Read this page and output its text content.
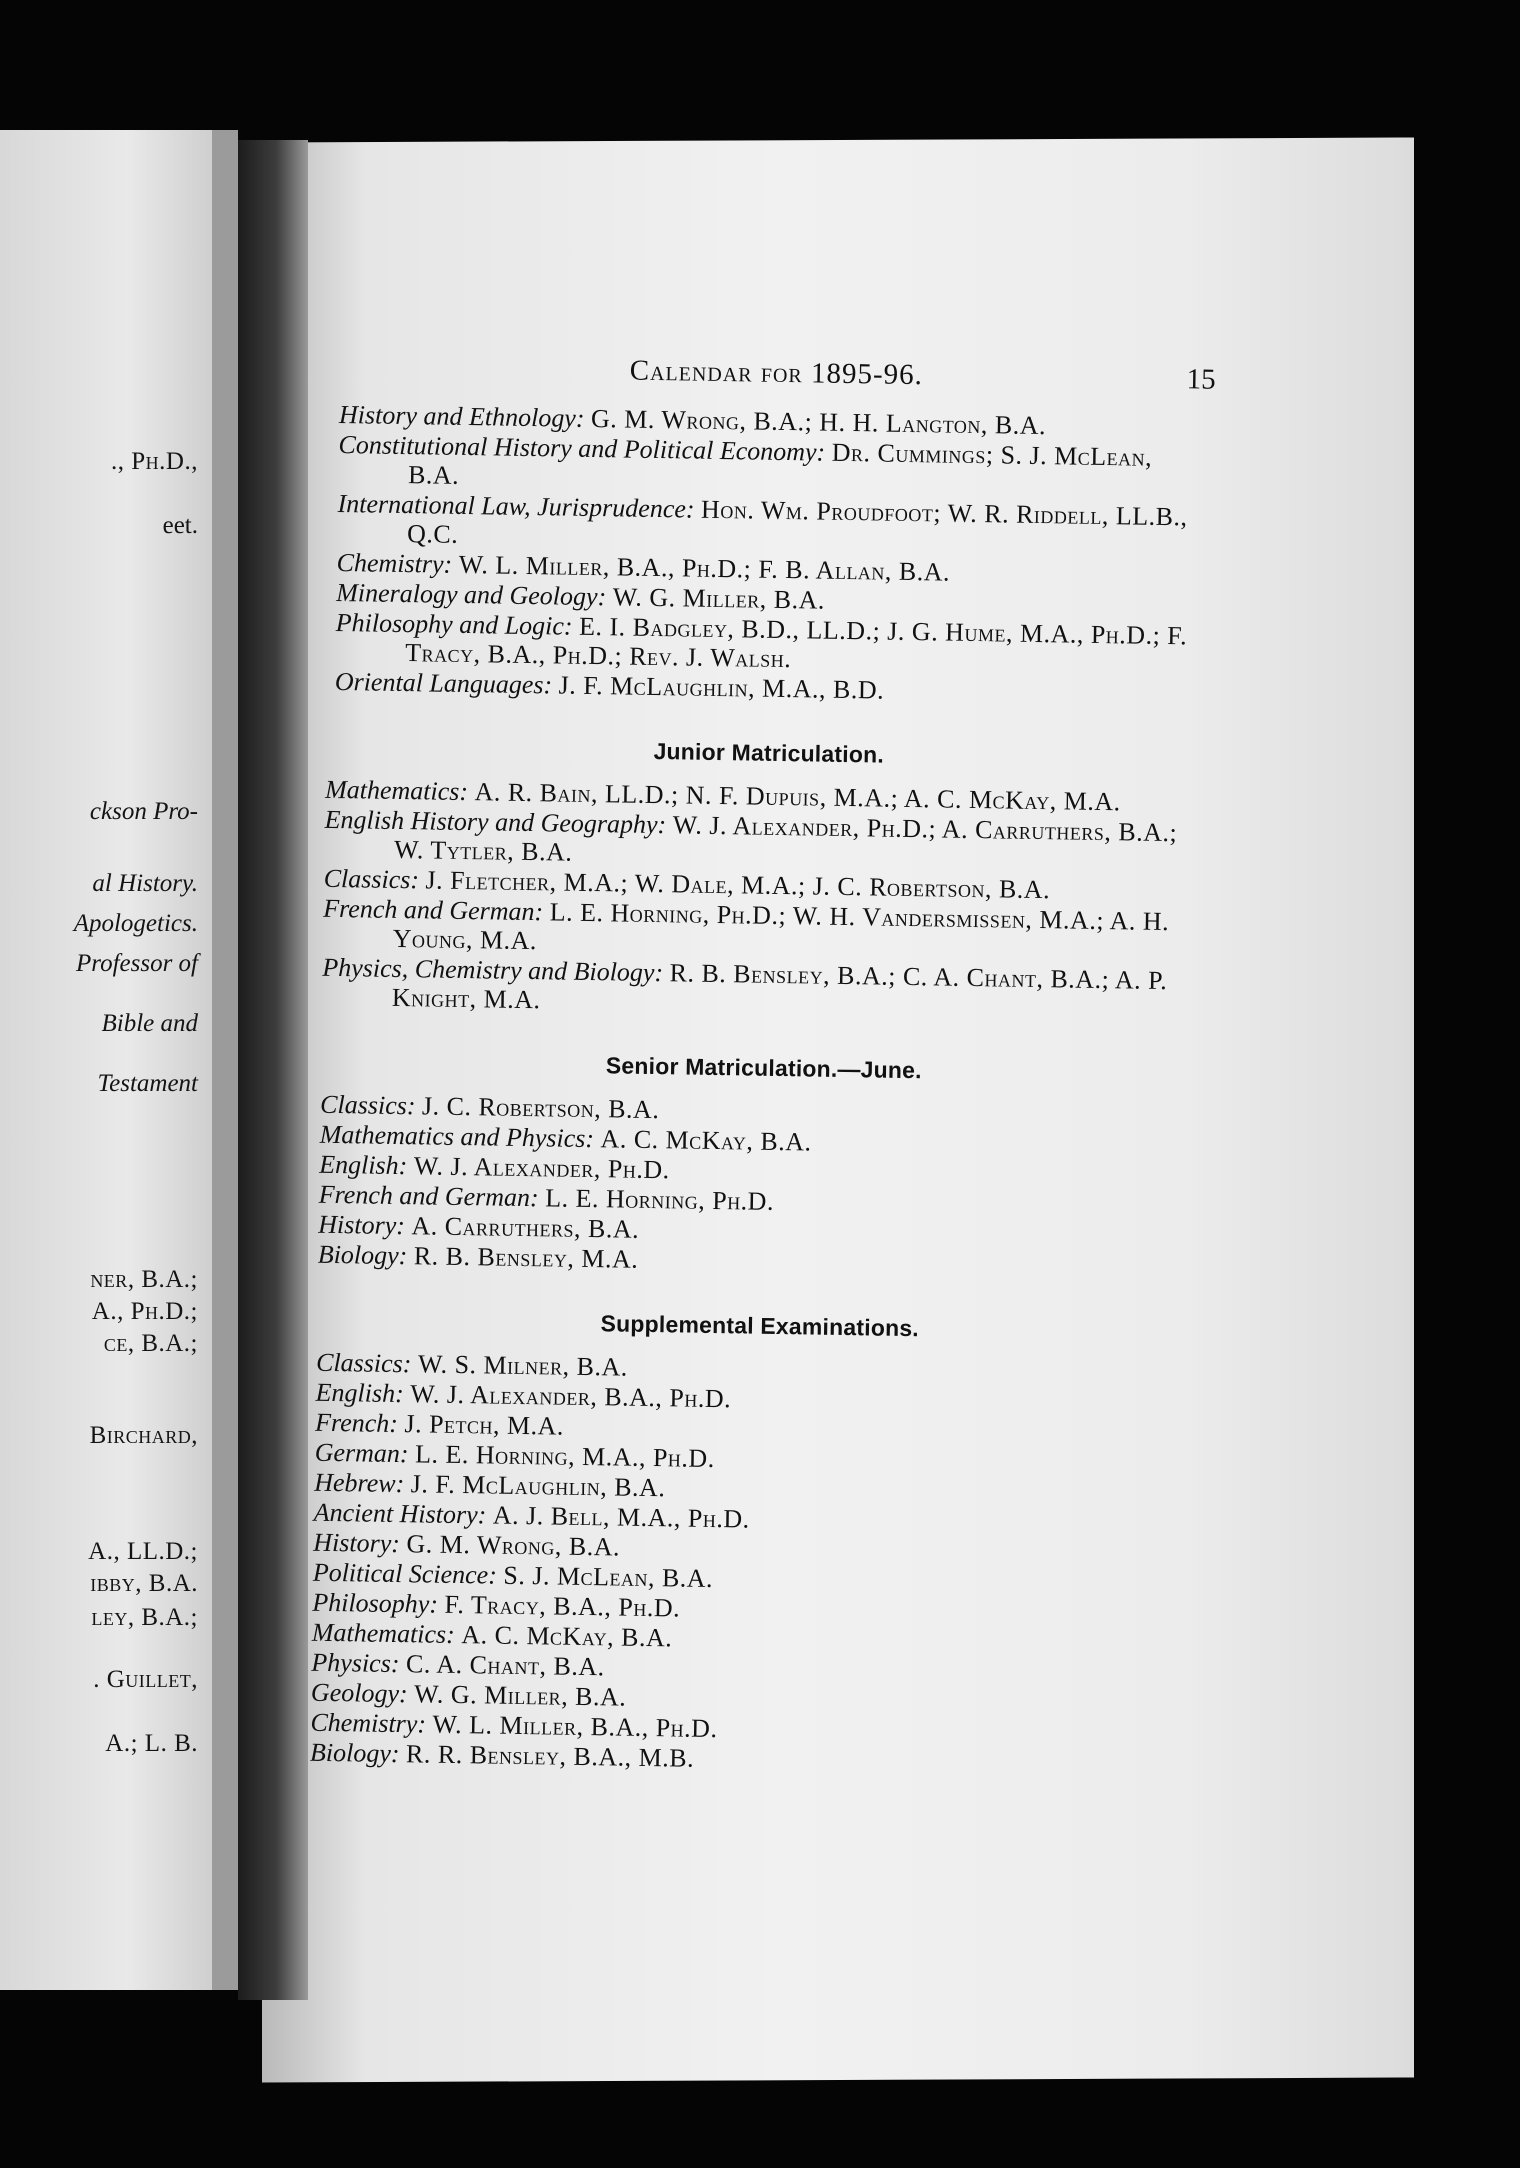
., Ph.D.,
eet.
ckson Pro-
al History.
Apologetics.
Professor of
Bible and
Testament
ner, B.A.;
A., Ph.D.;
ce, B.A.;
Birchard,
A., LL.D.;
ibby, B.A.
ley, B.A.;
. Guillet,
A.; L. B.
Calendar for 1895-96.	15

History and Ethnology: G. M. Wrong, B.A.; H. H. Langton, B.A.

Constitutional History and Political Economy: Dr. Cummings; S. J. McLean, B.A.

International Law, Jurisprudence: Hon. Wm. Proudfoot; W. R. Riddell, LL.B., Q.C.

Chemistry: W. L. Miller, B.A., Ph.D.; F. B. Allan, B.A.

Mineralogy and Geology: W. G. Miller, B.A.

Philosophy and Logic: E. I. Badgley, B.D., LL.D.; J. G. Hume, M.A., Ph.D.; F. Tracy, B.A., Ph.D.; Rev. J. Walsh.

Oriental Languages: J. F. McLaughlin, M.A., B.D.

Junior Matriculation.

Mathematics: A. R. Bain, LL.D.; N. F. Dupuis, M.A.; A. C. McKay, M.A.

English History and Geography: W. J. Alexander, Ph.D.; A. Carruthers, B.A.; W. Tytler, B.A.

Classics: J. Fletcher, M.A.; W. Dale, M.A.; J. C. Robertson, B.A.

French and German: L. E. Horning, Ph.D.; W. H. Vandersmissen, M.A.; A. H. Young, M.A.

Physics, Chemistry and Biology: R. B. Bensley, B.A.; C. A. Chant, B.A.; A. P. Knight, M.A.

Senior Matriculation.—June.

Classics: J. C. Robertson, B.A.

Mathematics and Physics: A. C. McKay, B.A.

English: W. J. Alexander, Ph.D.

French and German: L. E. Horning, Ph.D.

History: A. Carruthers, B.A.

Biology: R. B. Bensley, M.A.

Supplemental Examinations.

Classics: W. S. Milner, B.A.

English: W. J. Alexander, B.A., Ph.D.

French: J. Petch, M.A.

German: L. E. Horning, M.A., Ph.D.

Hebrew: J. F. McLaughlin, B.A.

Ancient History: A. J. Bell, M.A., Ph.D.

History: G. M. Wrong, B.A.

Political Science: S. J. McLean, B.A.

Philosophy: F. Tracy, B.A., Ph.D.

Mathematics: A. C. McKay, B.A.

Physics: C. A. Chant, B.A.

Geology: W. G. Miller, B.A.

Chemistry: W. L. Miller, B.A., Ph.D.

Biology: R. R. Bensley, B.A., M.B.
